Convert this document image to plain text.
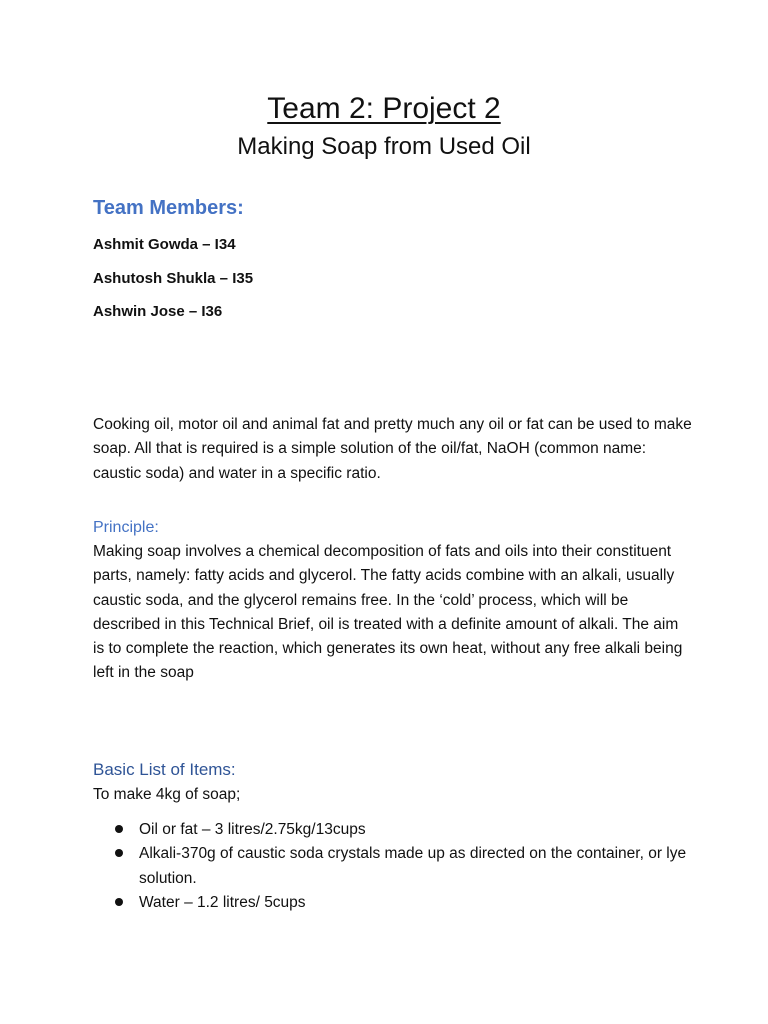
Team 2: Project 2
Making Soap from Used Oil
Team Members:
Ashmit Gowda – I34
Ashutosh Shukla – I35
Ashwin Jose – I36
Cooking oil, motor oil and animal fat and pretty much any oil or fat can be used to make soap. All that is required is a simple solution of the oil/fat, NaOH (common name: caustic soda) and water in a specific ratio.
Principle:
Making soap involves a chemical decomposition of fats and oils into their constituent parts, namely: fatty acids and glycerol. The fatty acids combine with an alkali, usually caustic soda, and the glycerol remains free. In the ‘cold’ process, which will be described in this Technical Brief, oil is treated with a definite amount of alkali. The aim is to complete the reaction, which generates its own heat, without any free alkali being left in the soap
Basic List of Items:
To make 4kg of soap;
Oil or fat – 3 litres/2.75kg/13cups
Alkali-370g of caustic soda crystals made up as directed on the container, or lye solution.
Water – 1.2 litres/ 5cups
